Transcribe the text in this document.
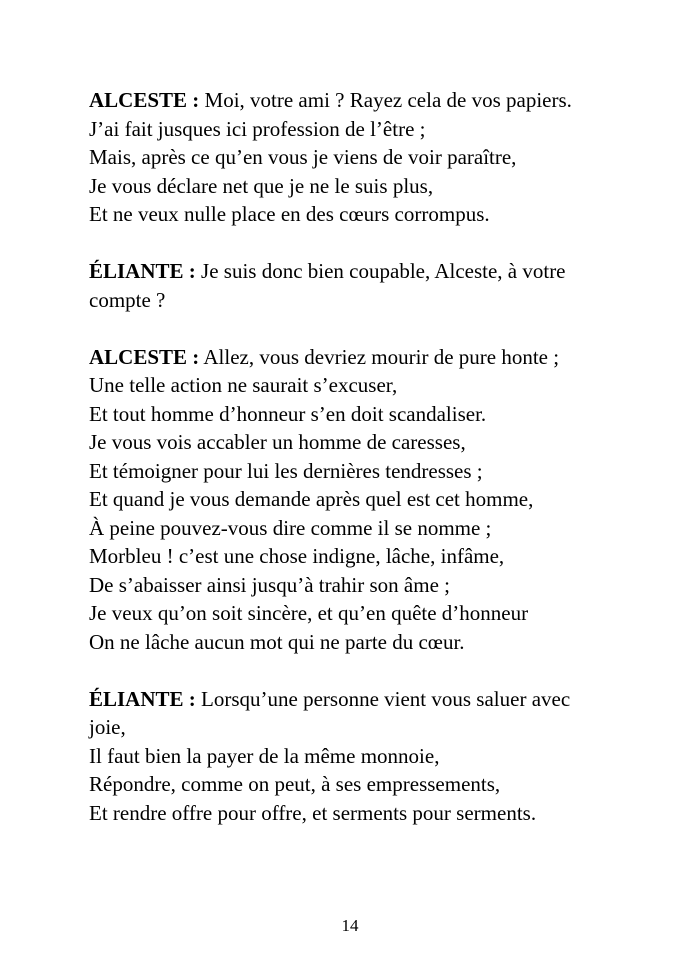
ALCESTE : Moi, votre ami ? Rayez cela de vos papiers.

J’ai fait jusques ici profession de l’être ;

Mais, après ce qu’en vous je viens de voir paraître,

Je vous déclare net que je ne le suis plus,

Et ne veux nulle place en des cœurs corrompus.

ÉLIANTE : Je suis donc bien coupable, Alceste, à votre

compte ?

ALCESTE : Allez, vous devriez mourir de pure honte ;

Une telle action ne saurait s’excuser,

Et tout homme d’honneur s’en doit scandaliser.

Je vous vois accabler un homme de caresses,

Et témoigner pour lui les dernières tendresses ;

Et quand je vous demande après quel est cet homme,

À peine pouvez-vous dire comme il se nomme ;

Morbleu ! c’est une chose indigne, lâche, infâme,

De s’abaisser ainsi jusqu’à trahir son âme ;

Je veux qu’on soit sincère, et qu’en quête d’honneur

On ne lâche aucun mot qui ne parte du cœur.

ÉLIANTE : Lorsqu’une personne vient vous saluer avec

joie,

Il faut bien la payer de la même monnoie,

Répondre, comme on peut, à ses empressements,

Et rendre offre pour offre, et serments pour serments.

14
